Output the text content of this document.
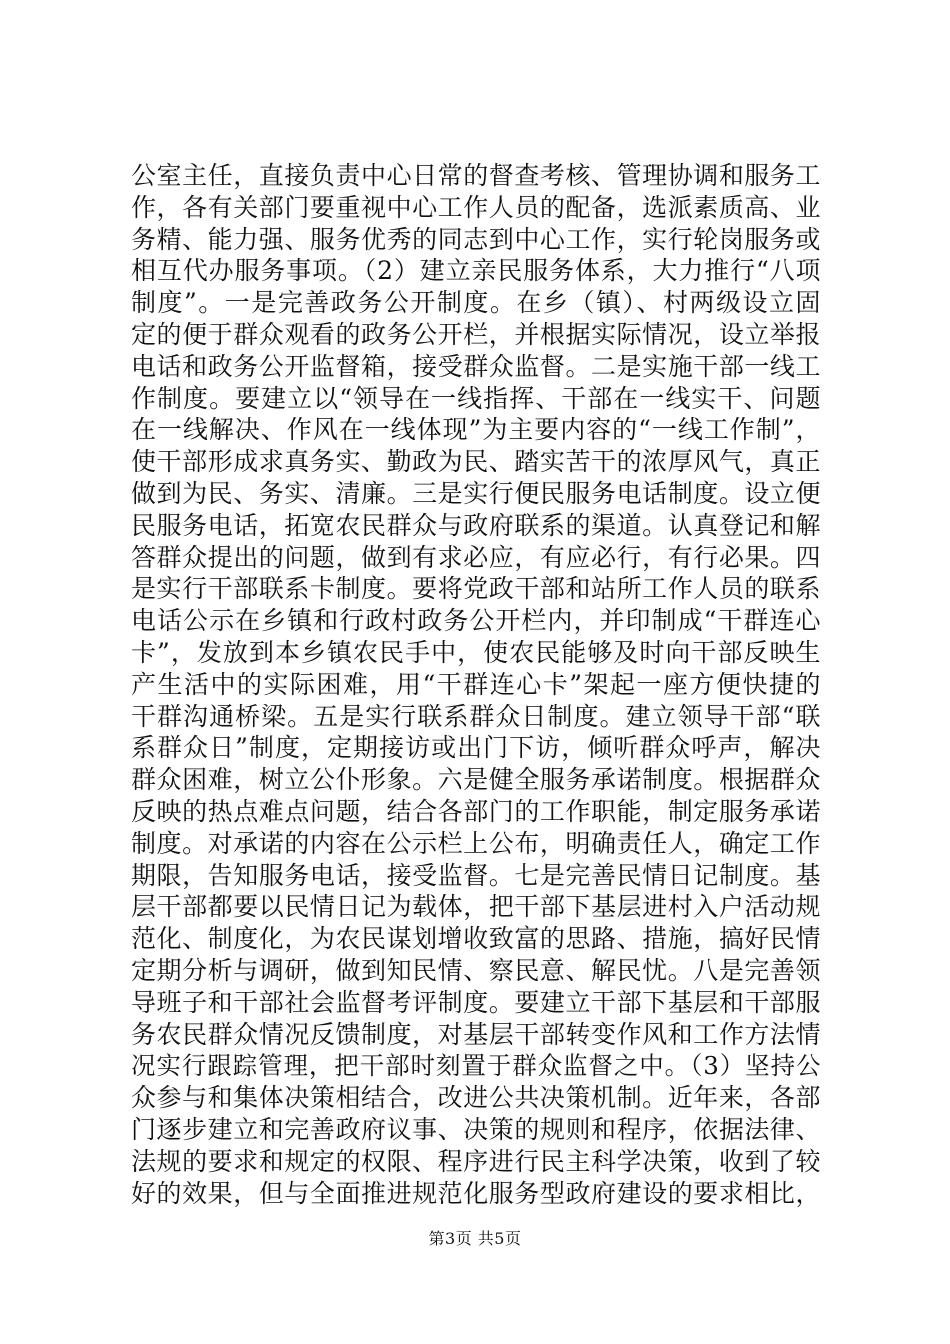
公室主任，直接负责中心日常的督查考核、管理协调和服务工
作，各有关部门要重视中心工作人员的配备，选派素质高、业
务精、能力强、服务优秀的同志到中心工作，实行轮岗服务或
相互代办服务事项。（2）建立亲民服务体系，大力推行“八项
制度”。一是完善政务公开制度。在乡（镇）、村两级设立固
定的便于群众观看的政务公开栏，并根据实际情况，设立举报
电话和政务公开监督箱，接受群众监督。二是实施干部一线工
作制度。要建立以“领导在一线指挥、干部在一线实干、问题
在一线解决、作风在一线体现”为主要内容的“一线工作制”，
使干部形成求真务实、勤政为民、踏实苦干的浓厚风气，真正
做到为民、务实、清廉。三是实行便民服务电话制度。设立便
民服务电话，拓宽农民群众与政府联系的渠道。认真登记和解
答群众提出的问题，做到有求必应，有应必行，有行必果。四
是实行干部联系卡制度。要将党政干部和站所工作人员的联系
电话公示在乡镇和行政村政务公开栏内，并印制成“干群连心
卡”，发放到本乡镇农民手中，使农民能够及时向干部反映生
产生活中的实际困难，用“干群连心卡”架起一座方便快捷的
干群沟通桥梁。五是实行联系群众日制度。建立领导干部“联
系群众日”制度，定期接访或出门下访，倾听群众呼声，解决
群众困难，树立公仆形象。六是健全服务承诺制度。根据群众
反映的热点难点问题，结合各部门的工作职能，制定服务承诺
制度。对承诺的内容在公示栏上公布，明确责任人，确定工作
期限，告知服务电话，接受监督。七是完善民情日记制度。基
层干部都要以民情日记为载体，把干部下基层进村入户活动规
范化、制度化，为农民谋划增收致富的思路、措施，搞好民情
定期分析与调研，做到知民情、察民意、解民忧。八是完善领
导班子和干部社会监督考评制度。要建立干部下基层和干部服
务农民群众情况反馈制度，对基层干部转变作风和工作方法情
况实行跟踪管理，把干部时刻置于群众监督之中。（3）坚持公
众参与和集体决策相结合，改进公共决策机制。近年来，各部
门逐步建立和完善政府议事、决策的规则和程序，依据法律、
法规的要求和规定的权限、程序进行民主科学决策，收到了较
好的效果，但与全面推进规范化服务型政府建设的要求相比，
第3页 共5页
